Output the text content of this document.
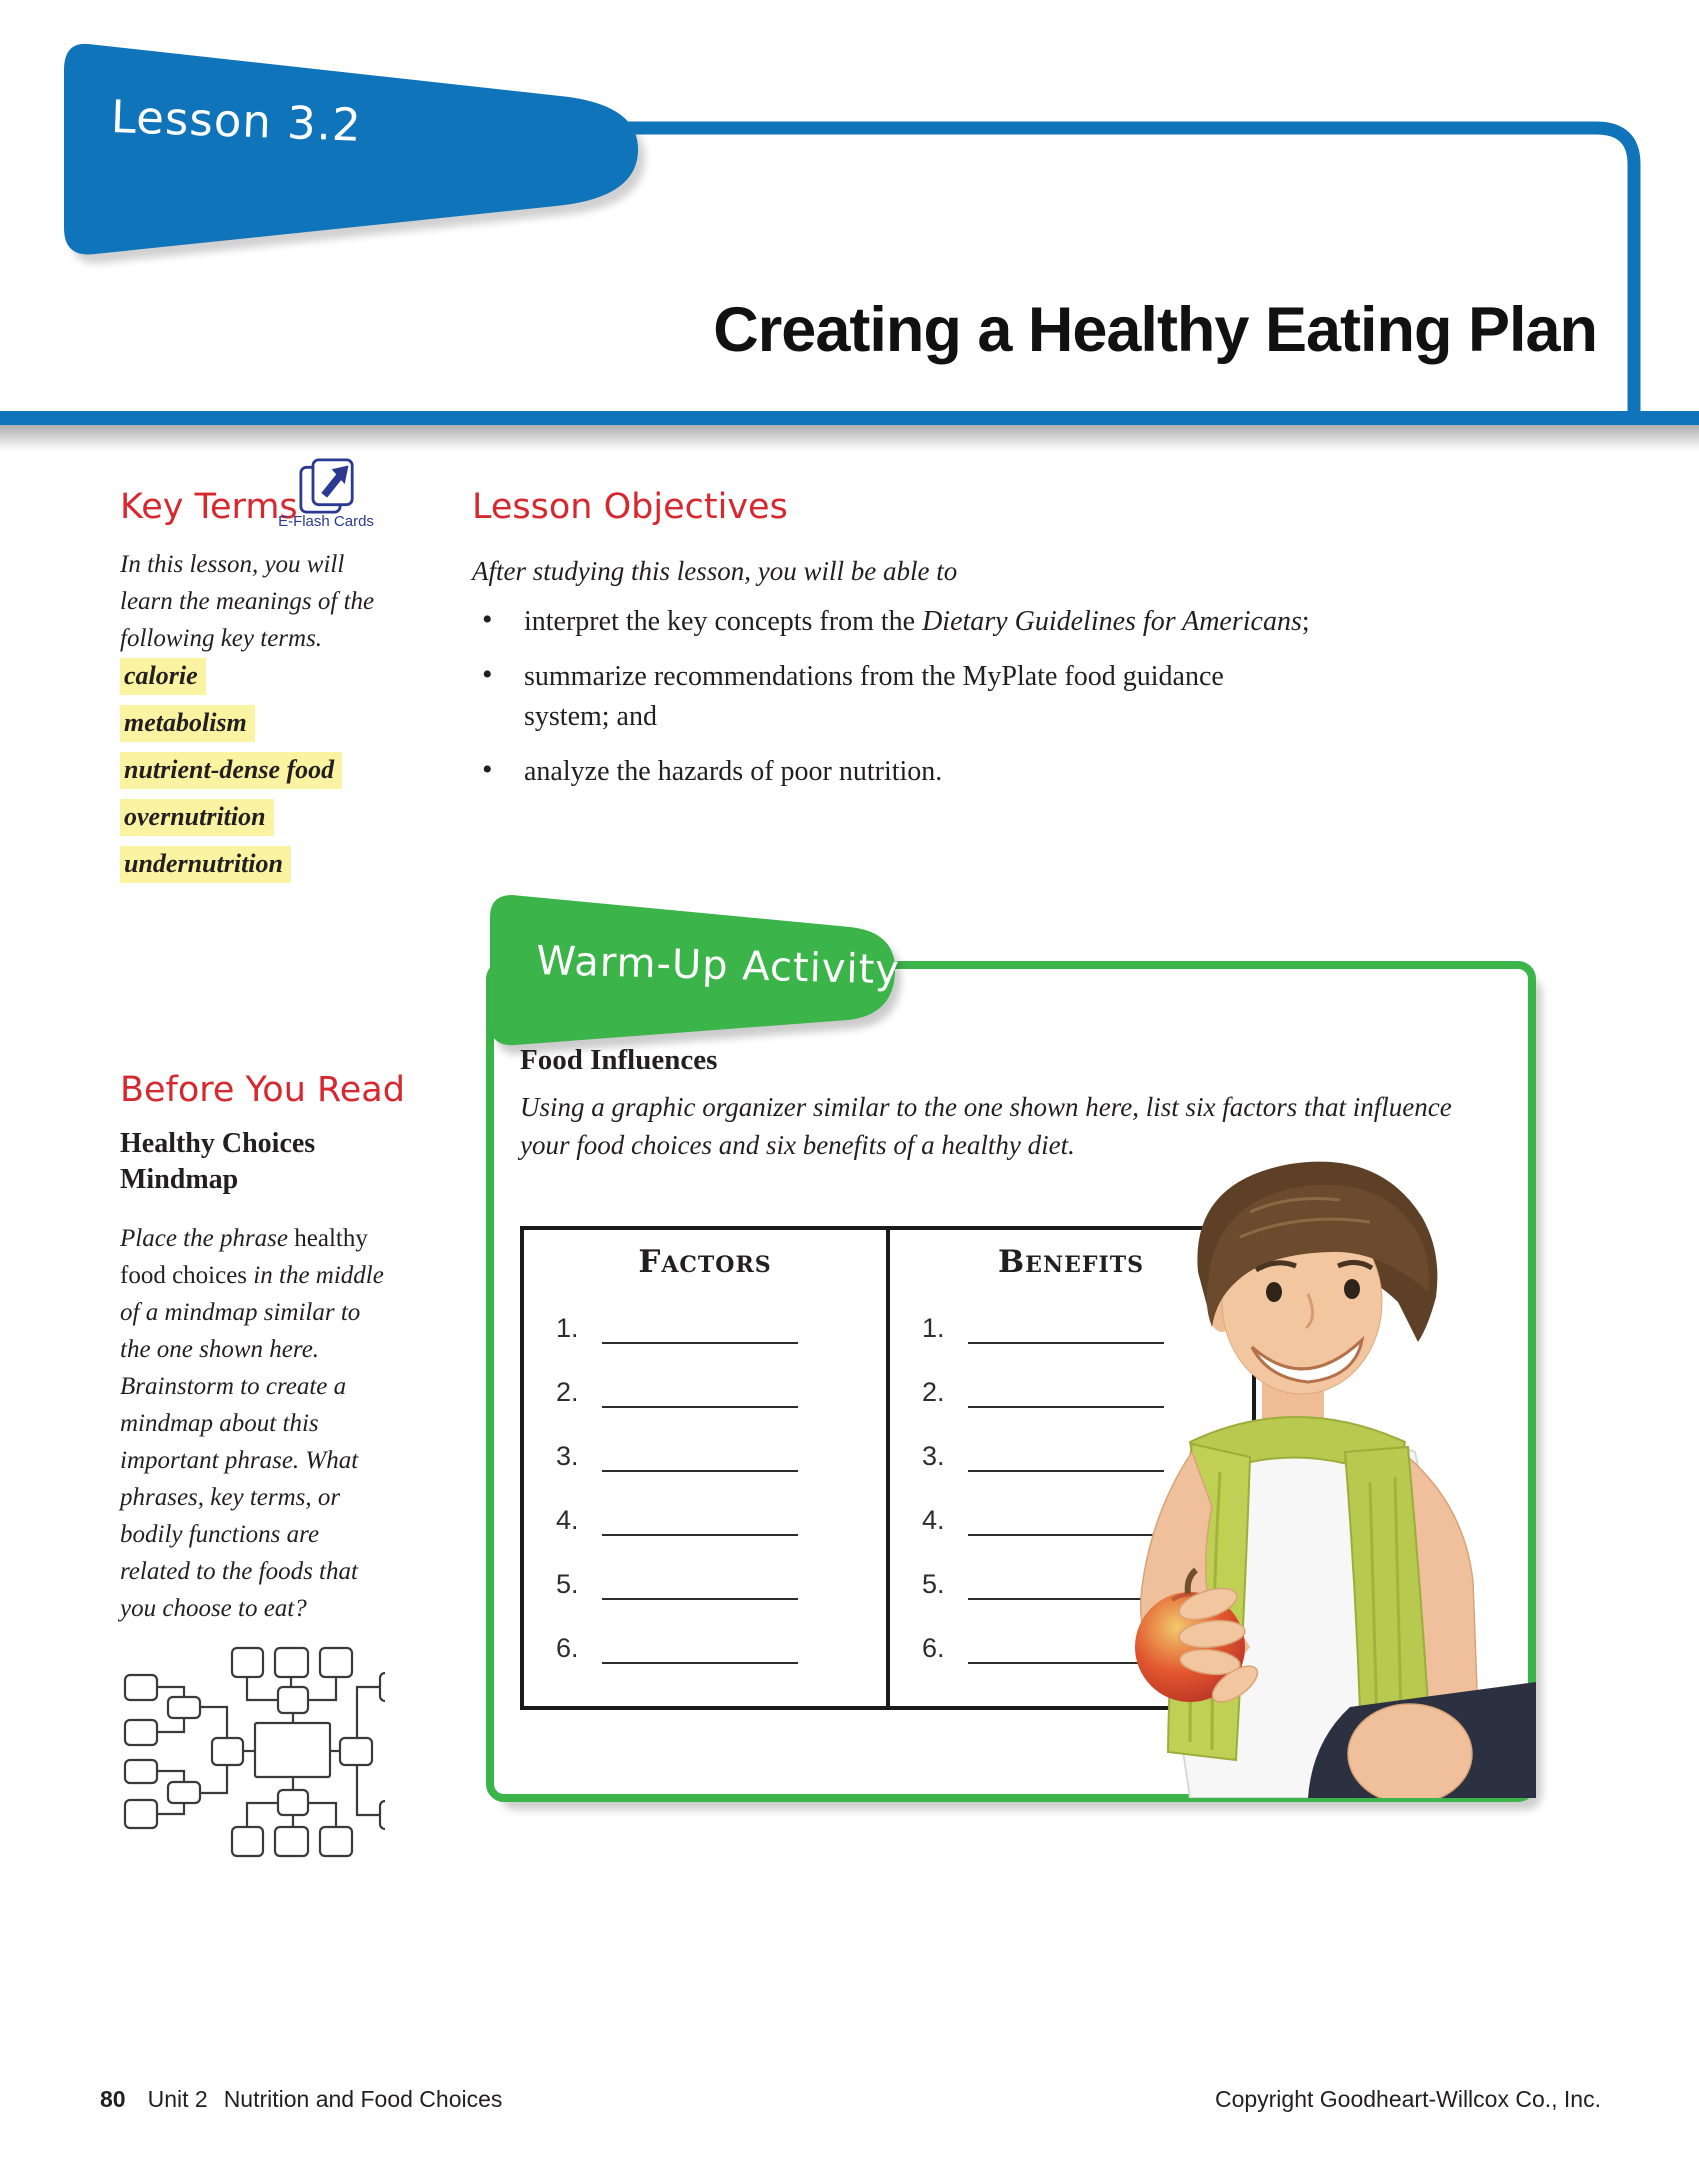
Lesson 3.2
Creating a Healthy Eating Plan
Key Terms
E-Flash Cards
In this lesson, you will learn the meanings of the following key terms.
calorie
metabolism
nutrient-dense food
overnutrition
undernutrition
Lesson Objectives
After studying this lesson, you will be able to
• interpret the key concepts from the Dietary Guidelines for Americans;
• summarize recommendations from the MyPlate food guidance
system; and
• analyze the hazards of poor nutrition.
Before You Read
Healthy Choices Mindmap
Place the phrase healthy food choices in the middle of a mindmap similar to the one shown here. Brainstorm to create a mindmap about this important phrase. What phrases, key terms, or bodily functions are related to the foods that you choose to eat?
Warm-Up Activity
Food Influences
Using a graphic organizer similar to the one shown here, list six factors that influence your food choices and six benefits of a healthy diet.
Factors
1.
2.
3.
4.
5.
6.
Benefits
1.
2.
3.
4.
5.
6.
80 Unit 2 Nutrition and Food Choices	Copyright Goodheart-Willcox Co., Inc.
